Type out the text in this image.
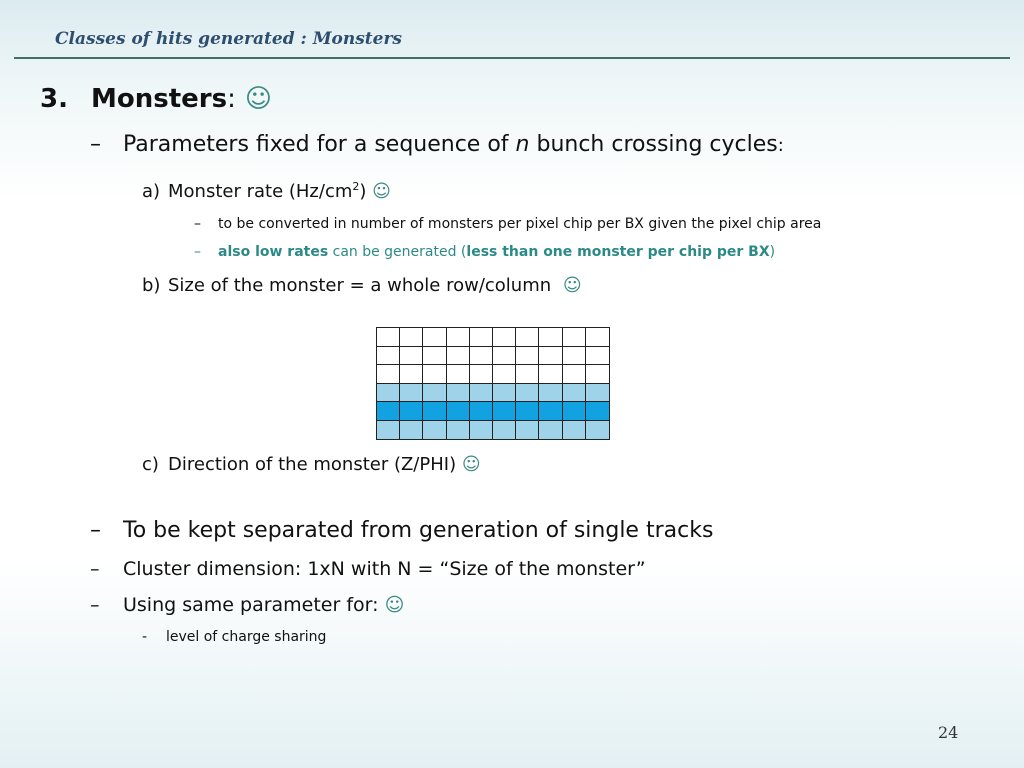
Classes of hits generated : Monsters
3. Monsters: ☺
– Parameters fixed for a sequence of n bunch crossing cycles:
a) Monster rate $(Hz/cm^2)$ ☺
– to be converted in number of monsters per pixel chip per BX given the pixel chip area
– also low rates can be generated (less than one monster per chip per BX)
b) Size of the monster = a whole row/column ☺
c) Direction of the monster (Z/PHI) ☺
– To be kept separated from generation of single tracks
– Cluster dimension: 1xN with N = “Size of the monster”
– Using same parameter for: ☺
- level of charge sharing
24
